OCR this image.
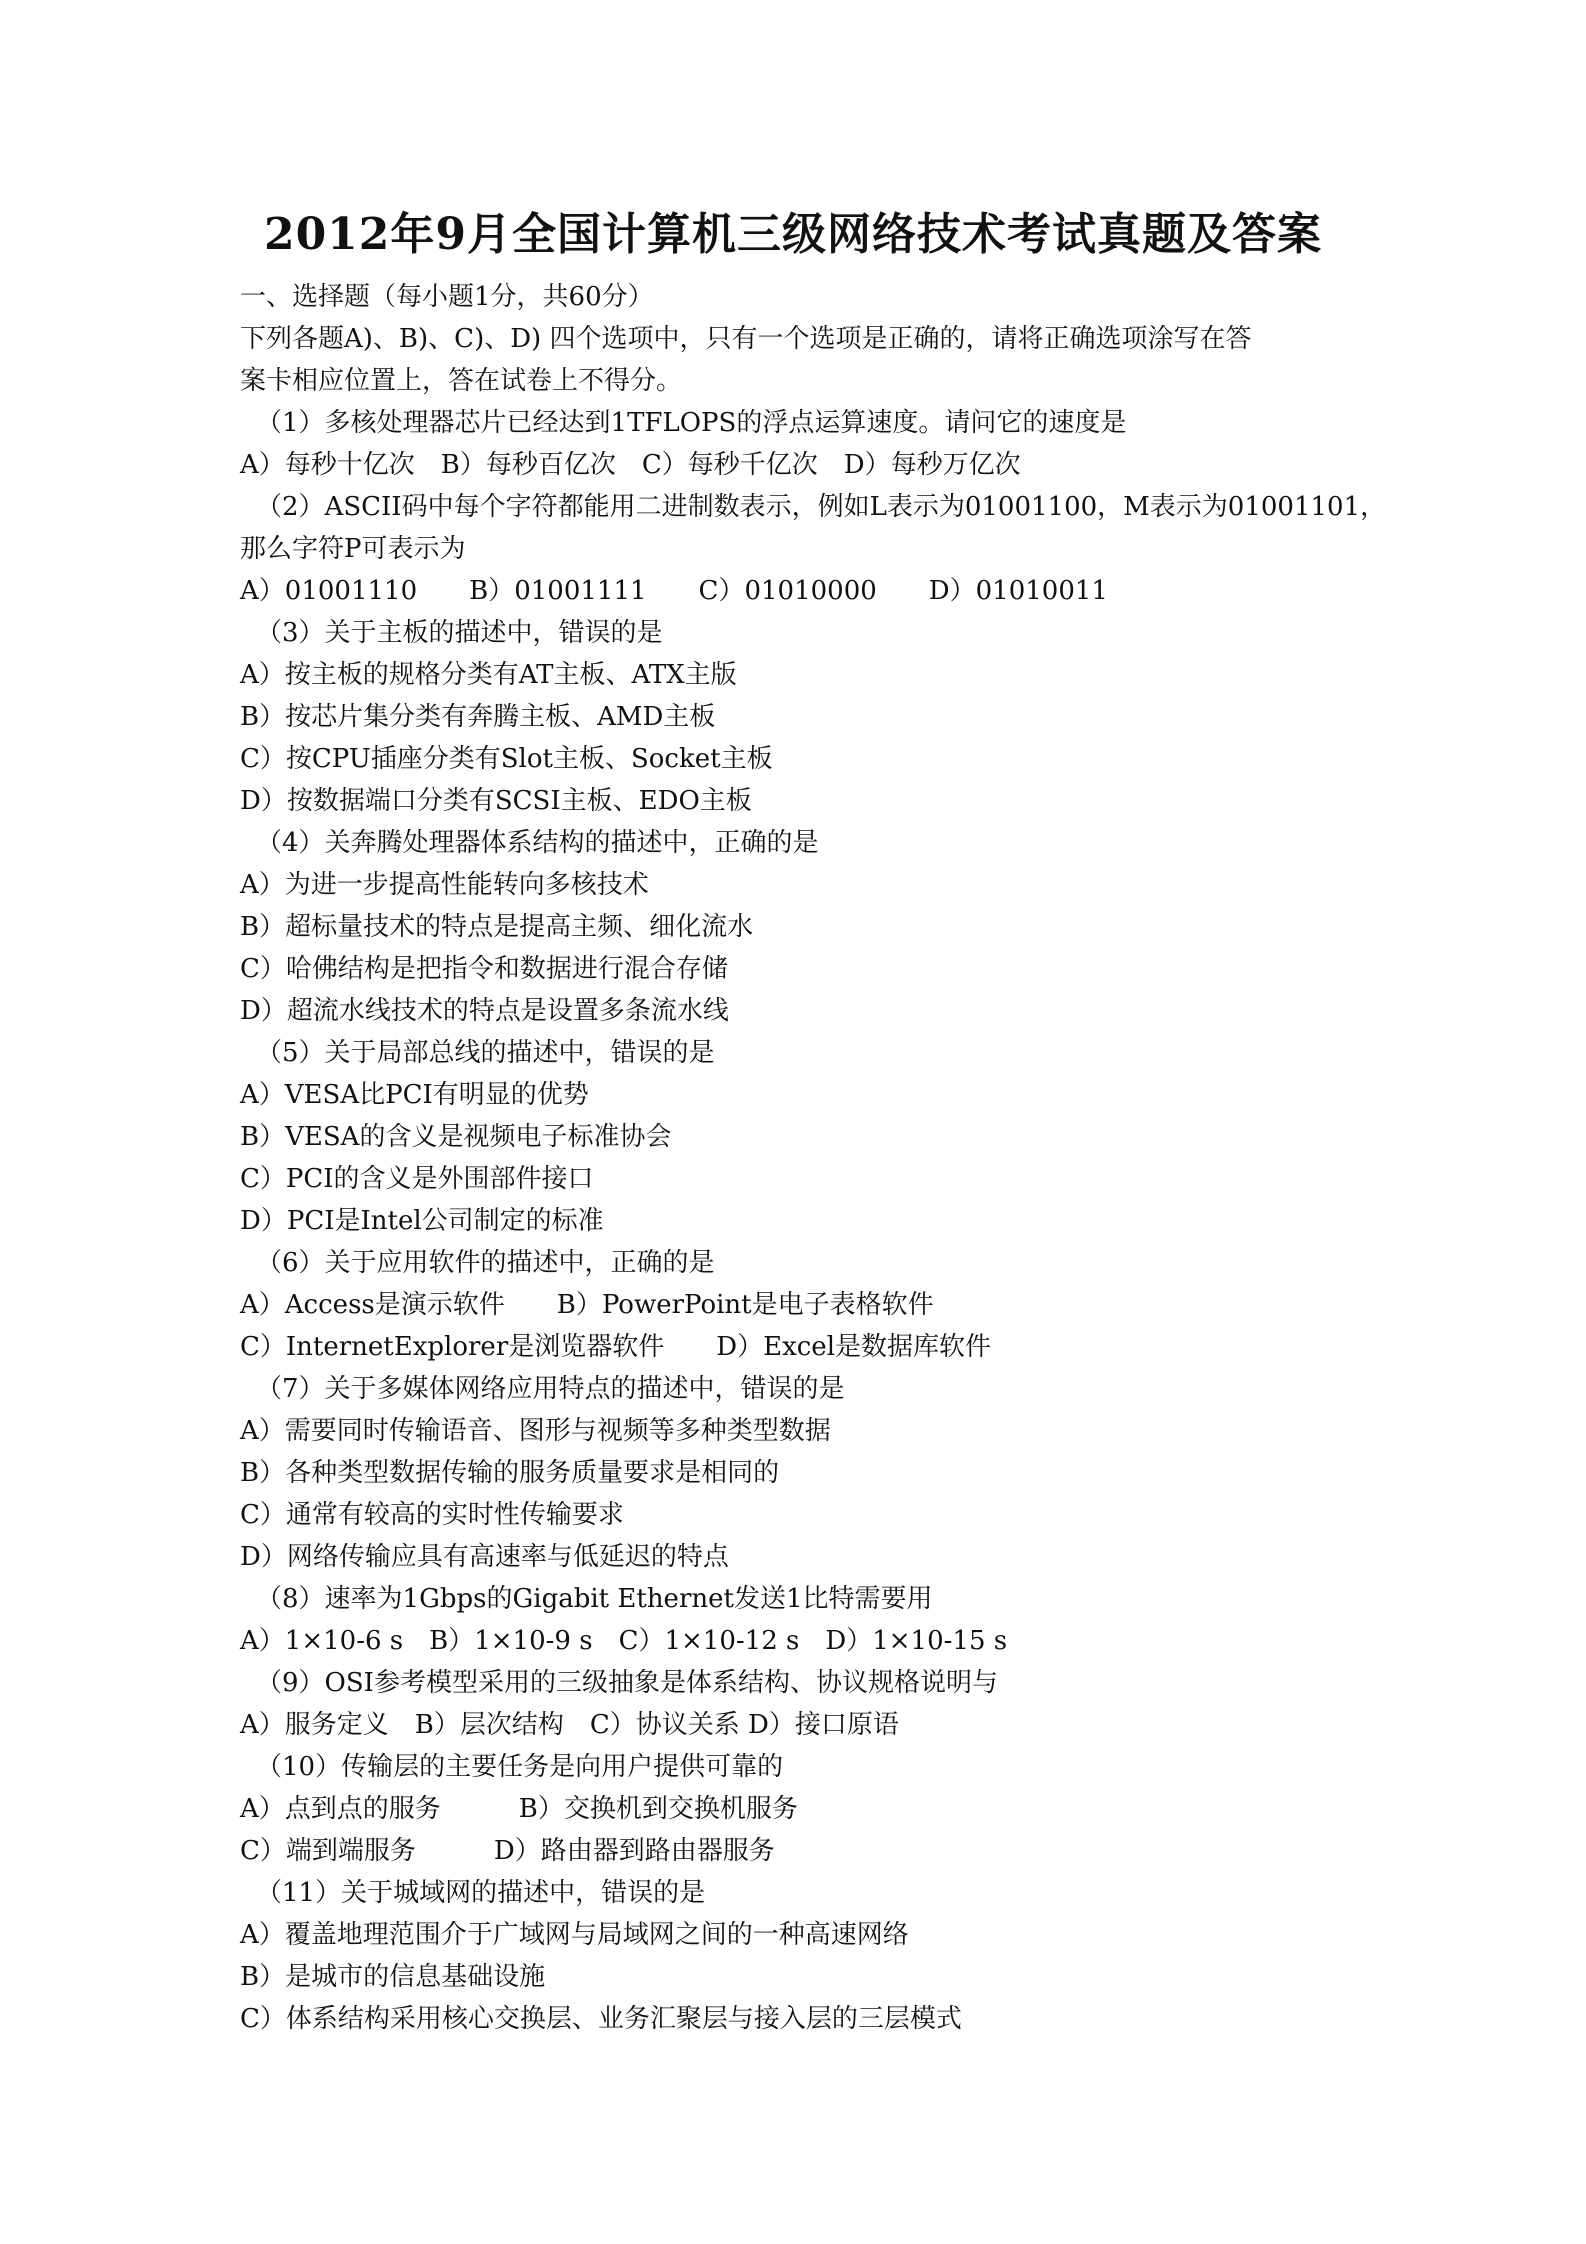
2012年9月全国计算机三级网络技术考试真题及答案
一、选择题（每小题1分，共60分）
下列各题A)、B)、C)、D) 四个选项中，只有一个选项是正确的，请将正确选项涂写在答
案卡相应位置上，答在试卷上不得分。
（1）多核处理器芯片已经达到1TFLOPS的浮点运算速度。请问它的速度是
A）每秒十亿次　B）每秒百亿次　C）每秒千亿次　D）每秒万亿次
（2）ASCII码中每个字符都能用二进制数表示，例如L表示为01001100，M表示为01001101，
那么字符P可表示为
A）01001110　　B）01001111　　C）01010000　　D）01010011
（3）关于主板的描述中，错误的是
A）按主板的规格分类有AT主板、ATX主版
B）按芯片集分类有奔腾主板、AMD主板
C）按CPU插座分类有Slot主板、Socket主板
D）按数据端口分类有SCSI主板、EDO主板
（4）关奔腾处理器体系结构的描述中，正确的是
A）为进一步提高性能转向多核技术
B）超标量技术的特点是提高主频、细化流水
C）哈佛结构是把指令和数据进行混合存储
D）超流水线技术的特点是设置多条流水线
（5）关于局部总线的描述中，错误的是
A）VESA比PCI有明显的优势
B）VESA的含义是视频电子标准协会
C）PCI的含义是外围部件接口
D）PCI是Intel公司制定的标准
（6）关于应用软件的描述中，正确的是
A）Access是演示软件　　B）PowerPoint是电子表格软件
C）InternetExplorer是浏览器软件　　D）Excel是数据库软件
（7）关于多媒体网络应用特点的描述中，错误的是
A）需要同时传输语音、图形与视频等多种类型数据
B）各种类型数据传输的服务质量要求是相同的
C）通常有较高的实时性传输要求
D）网络传输应具有高速率与低延迟的特点
（8）速率为1Gbps的Gigabit Ethernet发送1比特需要用
A）1×10-6 s　B）1×10-9 s　C）1×10-12 s　D）1×10-15 s
（9）OSI参考模型采用的三级抽象是体系结构、协议规格说明与
A）服务定义　B）层次结构　C）协议关系 D）接口原语
（10）传输层的主要任务是向用户提供可靠的
A）点到点的服务　　　B）交换机到交换机服务
C）端到端服务　　　D）路由器到路由器服务
（11）关于城域网的描述中，错误的是
A）覆盖地理范围介于广域网与局域网之间的一种高速网络
B）是城市的信息基础设施
C）体系结构采用核心交换层、业务汇聚层与接入层的三层模式
